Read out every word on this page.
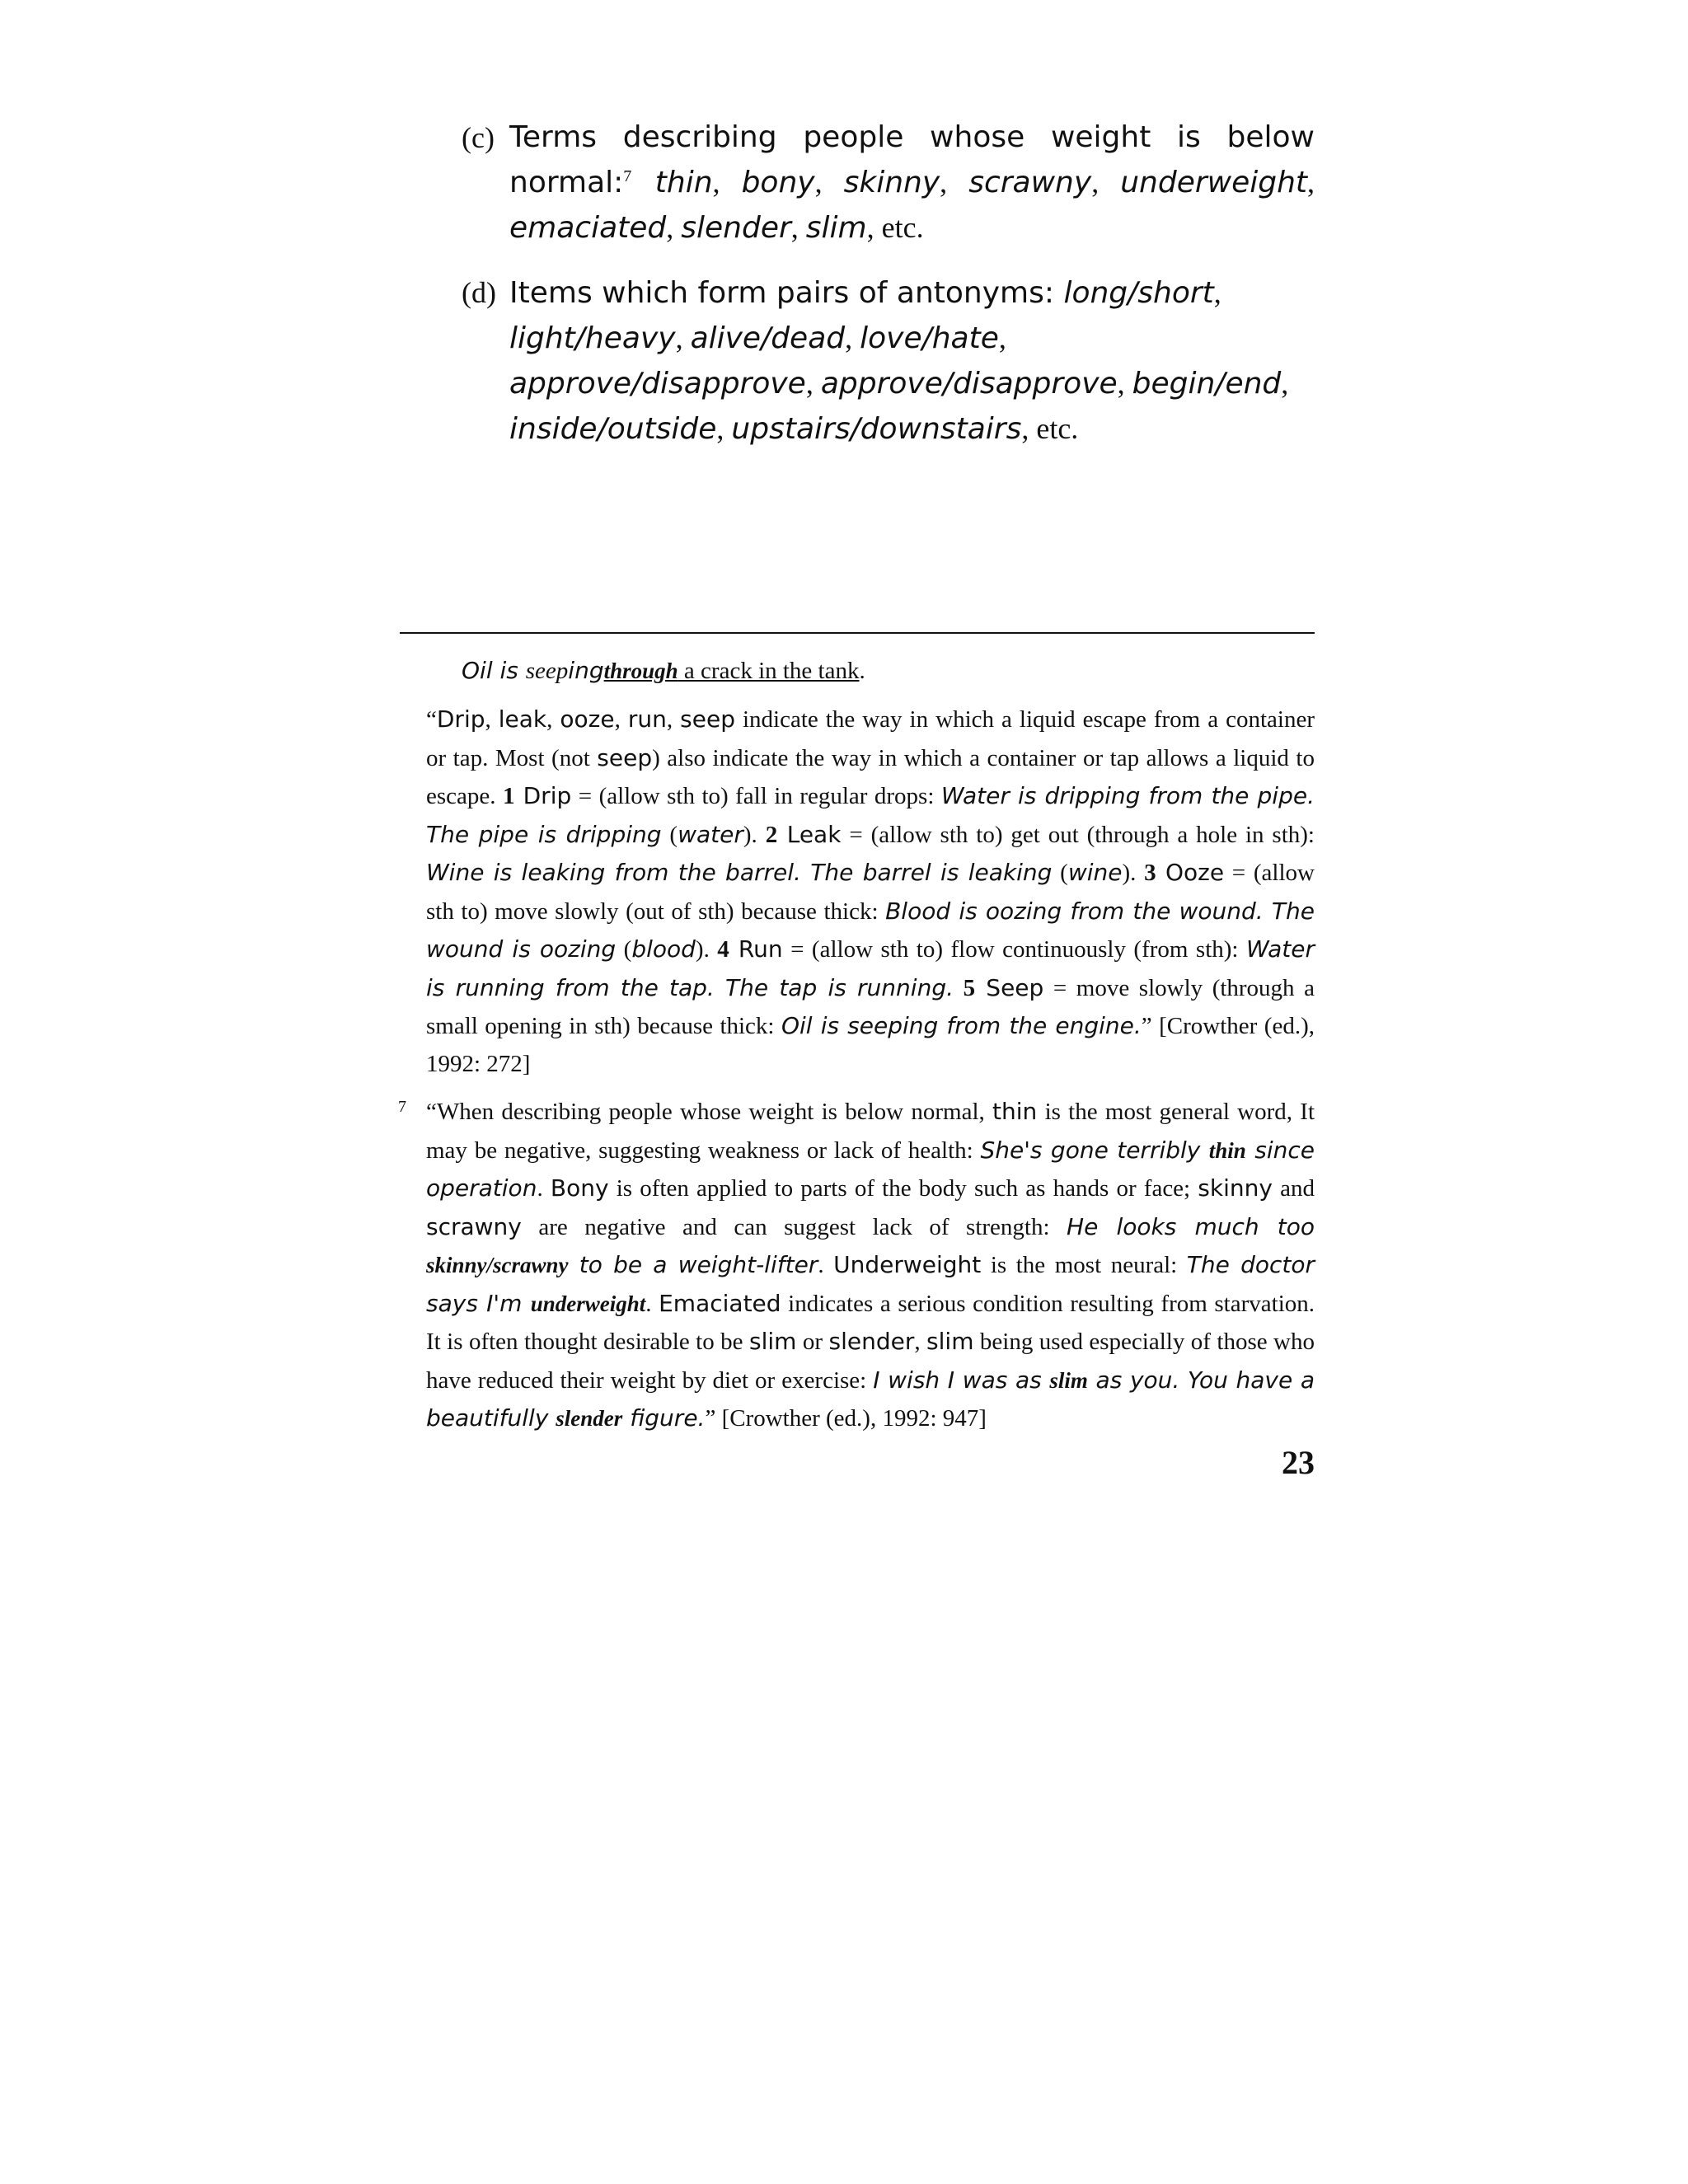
(c) Terms describing people whose weight is below normal:$^7$ thin, bony, skinny, scrawny, underweight, emaciated, slender, slim, etc.
(d) Items which form pairs of antonyms: long/short, light/heavy, alive/dead, love/hate, approve/disapprove, approve/disapprove, begin/end, inside/outside, upstairs/downstairs, etc.
Oil is seepingthrough a crack in the tank.
“Drip, leak, ooze, run, seep indicate the way in which a liquid escape from a container or tap. Most (not seep) also indicate the way in which a container or tap allows a liquid to escape. 1 Drip = (allow sth to) fall in regular drops: Water is dripping from the pipe. The pipe is dripping (water). 2 Leak = (allow sth to) get out (through a hole in sth): Wine is leaking from the barrel. The barrel is leaking (wine). 3 Ooze = (allow sth to) move slowly (out of sth) because thick: Blood is oozing from the wound. The wound is oozing (blood). 4 Run = (allow sth to) flow continuously (from sth): Water is running from the tap. The tap is running. 5 Seep = move slowly (through a small opening in sth) because thick: Oil is seeping from the engine.” [Crowther (ed.), 1992: 272]
7 “When describing people whose weight is below normal, thin is the most general word, It may be negative, suggesting weakness or lack of health: She's gone terribly thin since operation. Bony is often applied to parts of the body such as hands or face; skinny and scrawny are negative and can suggest lack of strength: He looks much too skinny/scrawny to be a weight-lifter. Underweight is the most neural: The doctor says I'm underweight. Emaciated indicates a serious condition resulting from starvation. It is often thought desirable to be slim or slender, slim being used especially of those who have reduced their weight by diet or exercise: I wish I was as slim as you. You have a beautifully slender figure.” [Crowther (ed.), 1992: 947]
23
